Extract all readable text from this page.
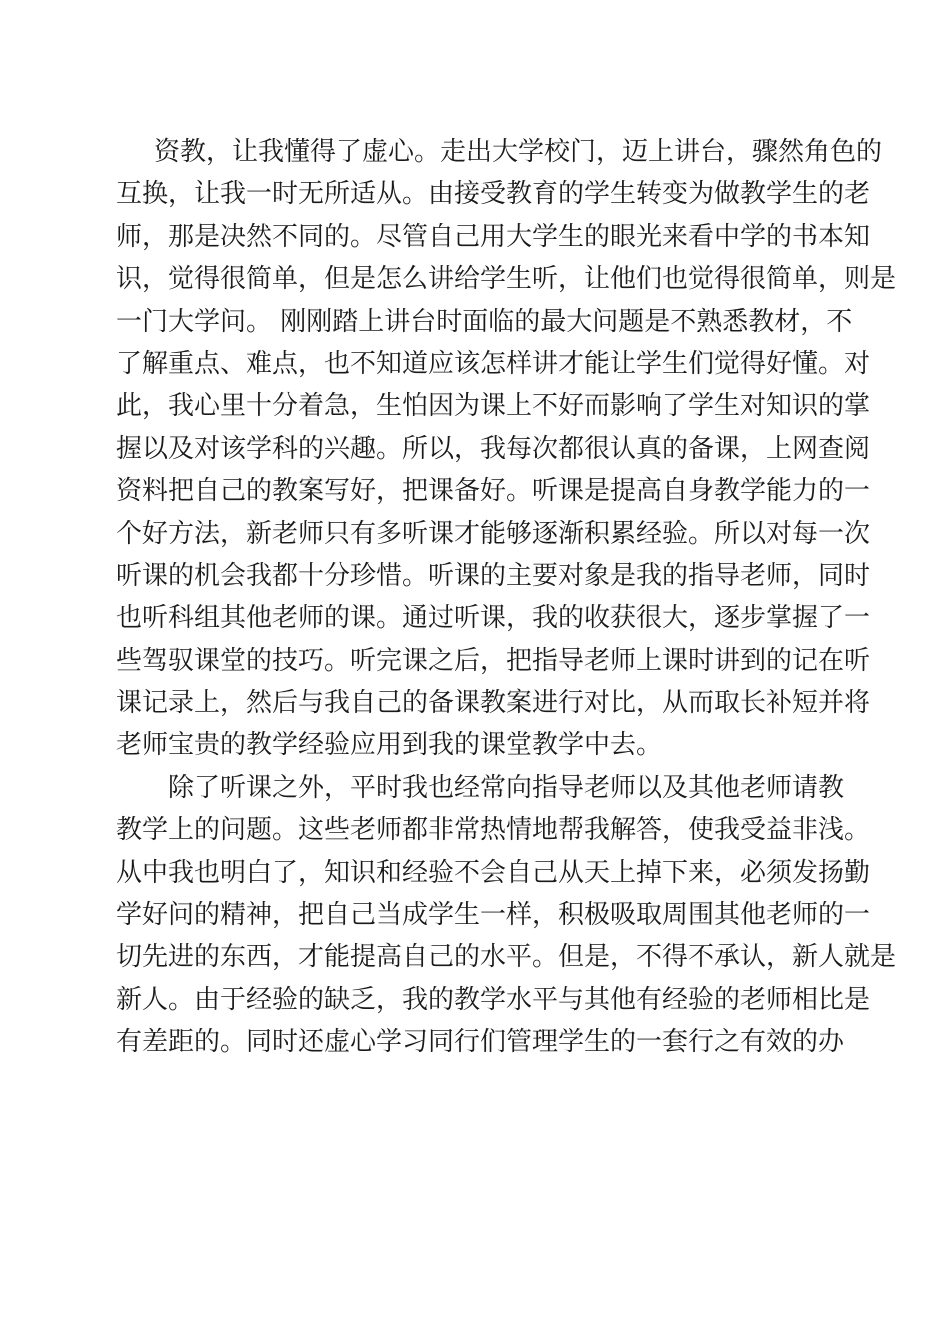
资教，让我懂得了虚心。走出大学校门，迈上讲台，骤然角色的
互换，让我一时无所适从。由接受教育的学生转变为做教学生的老
师，那是决然不同的。尽管自己用大学生的眼光来看中学的书本知
识，觉得很简单，但是怎么讲给学生听，让他们也觉得很简单，则是
一门大学问。 刚刚踏上讲台时面临的最大问题是不熟悉教材，不
了解重点、难点，也不知道应该怎样讲才能让学生们觉得好懂。对
此，我心里十分着急，生怕因为课上不好而影响了学生对知识的掌
握以及对该学科的兴趣。所以，我每次都很认真的备课，上网查阅
资料把自己的教案写好，把课备好。听课是提高自身教学能力的一
个好方法，新老师只有多听课才能够逐渐积累经验。所以对每一次
听课的机会我都十分珍惜。听课的主要对象是我的指导老师，同时
也听科组其他老师的课。通过听课，我的收获很大，逐步掌握了一
些驾驭课堂的技巧。听完课之后，把指导老师上课时讲到的记在听
课记录上，然后与我自己的备课教案进行对比，从而取长补短并将
老师宝贵的教学经验应用到我的课堂教学中去。
除了听课之外，平时我也经常向指导老师以及其他老师请教
教学上的问题。这些老师都非常热情地帮我解答，使我受益非浅。
从中我也明白了，知识和经验不会自己从天上掉下来，必须发扬勤
学好问的精神，把自己当成学生一样，积极吸取周围其他老师的一
切先进的东西，才能提高自己的水平。但是，不得不承认，新人就是
新人。由于经验的缺乏，我的教学水平与其他有经验的老师相比是
有差距的。同时还虚心学习同行们管理学生的一套行之有效的办
